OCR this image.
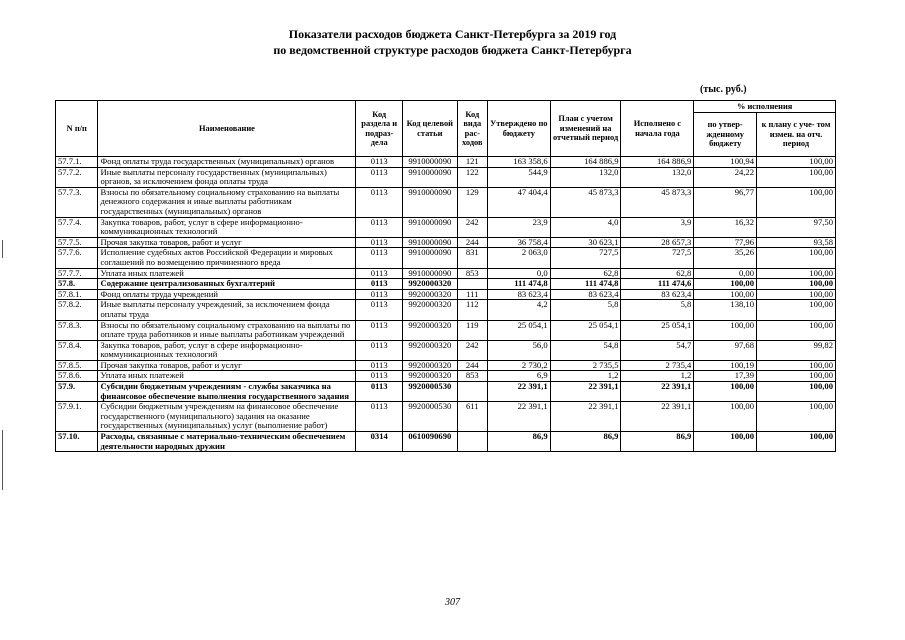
Показатели расходов бюджета Санкт-Петербурга за 2019 год
по ведомственной структуре расходов бюджета Санкт-Петербурга
(тыс. руб.)
N п/п	Наименование	Код раздела и подраз- дела	Код целевой статьи	Код вида рас- ходов	Утверждено по бюджету	План с учетом изменений на отчетный период	Исполнено с начала года	% исполнения	
								по утвер- жденному бюджету	к плану с уче- том измен. на отч. период
57.7.1.	Фонд оплаты труда государственных (муниципальных) органов	0113	9910000090	121	163 358,6	164 886,9	164 886,9	100,94	100,00
57.7.2.	Иные выплаты персоналу государственных (муниципальных) органов, за исключением фонда оплаты труда	0113	9910000090	122	544,9	132,0	132,0	24,22	100,00
57.7.3.	Взносы по обязательному социальному страхованию на выплаты денежного содержания и иные выплаты работникам государственных (муниципальных) органов	0113	9910000090	129	47 404,4	45 873,3	45 873,3	96,77	100,00
57.7.4.	Закупка товаров, работ, услуг в сфере информационно-коммуникационных технологий	0113	9910000090	242	23,9	4,0	3,9	16,32	97,50
57.7.5.	Прочая закупка товаров, работ и услуг	0113	9910000090	244	36 758,4	30 623,1	28 657,3	77,96	93,58
57.7.6.	Исполнение судебных актов Российской Федерации и мировых соглашений по возмещению причиненного вреда	0113	9910000090	831	2 063,0	727,5	727,5	35,26	100,00
57.7.7.	Уплата иных платежей	0113	9910000090	853	0,0	62,8	62,8	0,00	100,00
57.8.	Содержание централизованных бухгалтерий	0113	9920000320		111 474,8	111 474,8	111 474,6	100,00	100,00
57.8.1.	Фонд оплаты труда учреждений	0113	9920000320	111	83 623,4	83 623,4	83 623,4	100,00	100,00
57.8.2.	Иные выплаты персоналу учреждений, за исключением фонда оплаты труда	0113	9920000320	112	4,2	5,8	5,8	138,10	100,00
57.8.3.	Взносы по обязательному социальному страхованию на выплаты по оплате труда работников и иные выплаты работникам учреждений	0113	9920000320	119	25 054,1	25 054,1	25 054,1	100,00	100,00
57.8.4.	Закупка товаров, работ, услуг в сфере информационно-коммуникационных технологий	0113	9920000320	242	56,0	54,8	54,7	97,68	99,82
57.8.5.	Прочая закупка товаров, работ и услуг	0113	9920000320	244	2 730,2	2 735,5	2 735,4	100,19	100,00
57.8.6.	Уплата иных платежей	0113	9920000320	853	6,9	1,2	1,2	17,39	100,00
57.9.	Субсидии бюджетным учреждениям - службы заказчика на финансовое обеспечение выполнения государственного задания	0113	9920000530		22 391,1	22 391,1	22 391,1	100,00	100,00
57.9.1.	Субсидии бюджетным учреждениям на финансовое обеспечение государственного (муниципального) задания на оказание государственных (муниципальных) услуг (выполнение работ)	0113	9920000530	611	22 391,1	22 391,1	22 391,1	100,00	100,00
57.10.	Расходы, связанные с материально-техническим обеспечением деятельности народных дружин	0314	0610090690		86,9	86,9	86,9	100,00	100,00
307
